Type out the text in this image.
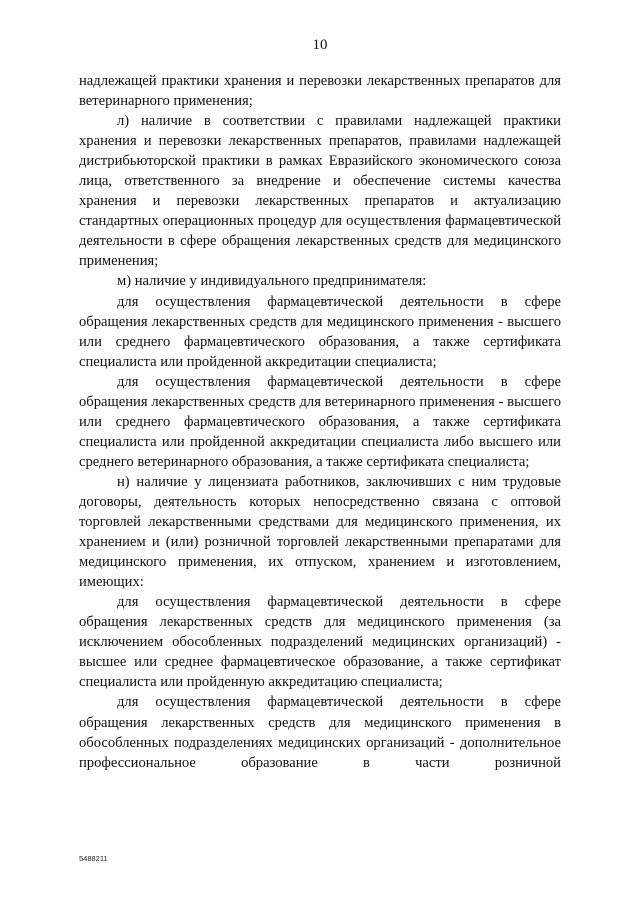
10

надлежащей практики хранения и перевозки лекарственных препаратов для ветеринарного применения;

л) наличие в соответствии с правилами надлежащей практики хранения и перевозки лекарственных препаратов, правилами надлежащей дистрибьюторской практики в рамках Евразийского экономического союза лица, ответственного за внедрение и обеспечение системы качества хранения и перевозки лекарственных препаратов и актуализацию стандартных операционных процедур для осуществления фармацевтической деятельности в сфере обращения лекарственных средств для медицинского применения;

м) наличие у индивидуального предпринимателя:

для осуществления фармацевтической деятельности в сфере обращения лекарственных средств для медицинского применения - высшего или среднего фармацевтического образования, а также сертификата специалиста или пройденной аккредитации специалиста;

для осуществления фармацевтической деятельности в сфере обращения лекарственных средств для ветеринарного применения - высшего или среднего фармацевтического образования, а также сертификата специалиста или пройденной аккредитации специалиста либо высшего или среднего ветеринарного образования, а также сертификата специалиста;

н) наличие у лицензиата работников, заключивших с ним трудовые договоры, деятельность которых непосредственно связана с оптовой торговлей лекарственными средствами для медицинского применения, их хранением и (или) розничной торговлей лекарственными препаратами для медицинского применения, их отпуском, хранением и изготовлением, имеющих:

для осуществления фармацевтической деятельности в сфере обращения лекарственных средств для медицинского применения (за исключением обособленных подразделений медицинских организаций) - высшее или среднее фармацевтическое образование, а также сертификат специалиста или пройденную аккредитацию специалиста;

для осуществления фармацевтической деятельности в сфере обращения лекарственных средств для медицинского применения в обособленных подразделениях медицинских организаций - дополнительное профессиональное образование в части розничной

5488211
